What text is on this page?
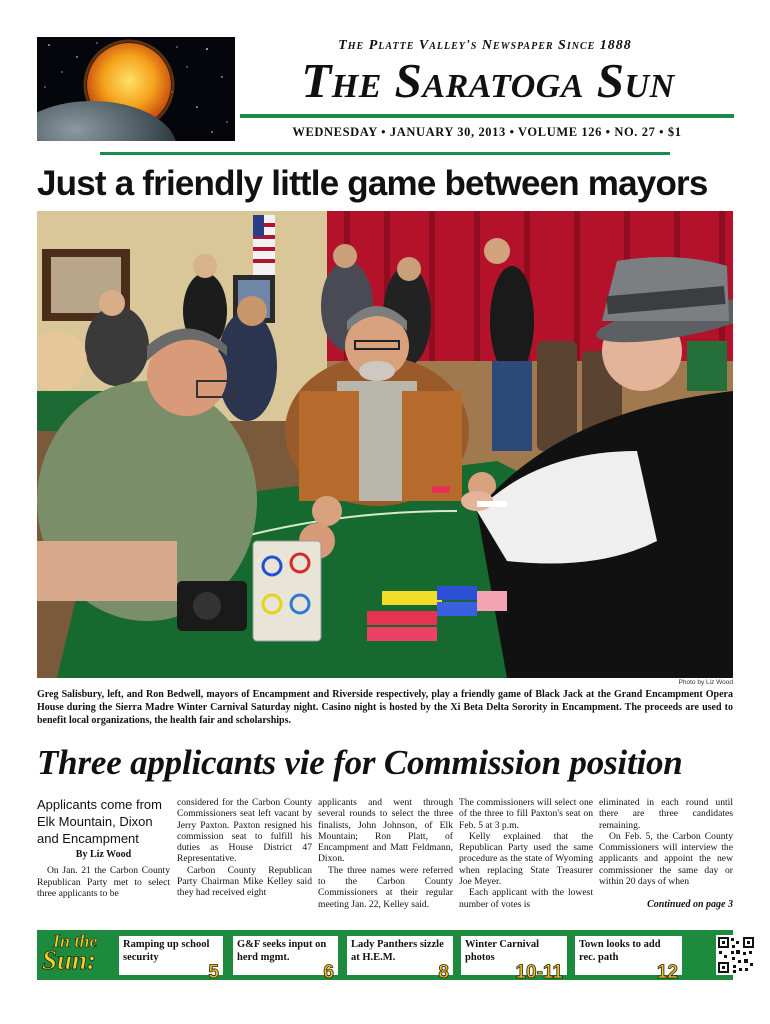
The Platte Valley's Newspaper Since 1888
The Saratoga Sun
WEDNESDAY • JANUARY 30, 2013 • VOLUME 126 • NO. 27 • $1
Just a friendly little game between mayors
Photo by Liz Wood

Greg Salisbury, left, and Ron Bedwell, mayors of Encampment and Riverside respectively, play a friendly game of Black Jack at the Grand Encampment Opera House during the Sierra Madre Winter Carnival Saturday night. Casino night is hosted by the Xi Beta Delta Sorority in Encampment. The proceeds are used to benefit local organizations, the health fair and scholarships.

Three applicants vie for Commission position
Applicants come from Elk Mountain, Dixon and Encampment
By Liz Wood

On Jan. 21 the Carbon County Republican Party met to select three applicants to be

considered for the Carbon County Commissioners seat left vacant by Jerry Paxton. Paxton resigned his commission seat to fulfill his duties as House District 47 Representative.

Carbon County Republican Party Chairman Mike Kelley said they had received eight

applicants and went through several rounds to select the three finalists, John Johnson, of Elk Mountain; Ron Platt, of Encampment and Matt Feldmann, Dixon.

The three names were referred to the Carbon County Commissioners at their regular meeting Jan. 22, Kelley said.

The commissioners will select one of the three to fill Paxton's seat on Feb. 5 at 3 p.m.

Kelly explained that the Republican Party used the same procedure as the state of Wyoming when replacing State Treasurer Joe Meyer.

Each applicant with the lowest number of votes is

eliminated in each round until there are three candidates remaining.

On Feb. 5, the Carbon County Commissioners will interview the applicants and appoint the new commissioner the same day or within 20 days of when

Continued on page 3
In the
Sun:
Ramping up school security
5
G&F seeks input on herd mgmt.
6
Lady Panthers sizzle at H.E.M.
8
Winter Carnival photos
10-11
Town looks to add rec. path
12
